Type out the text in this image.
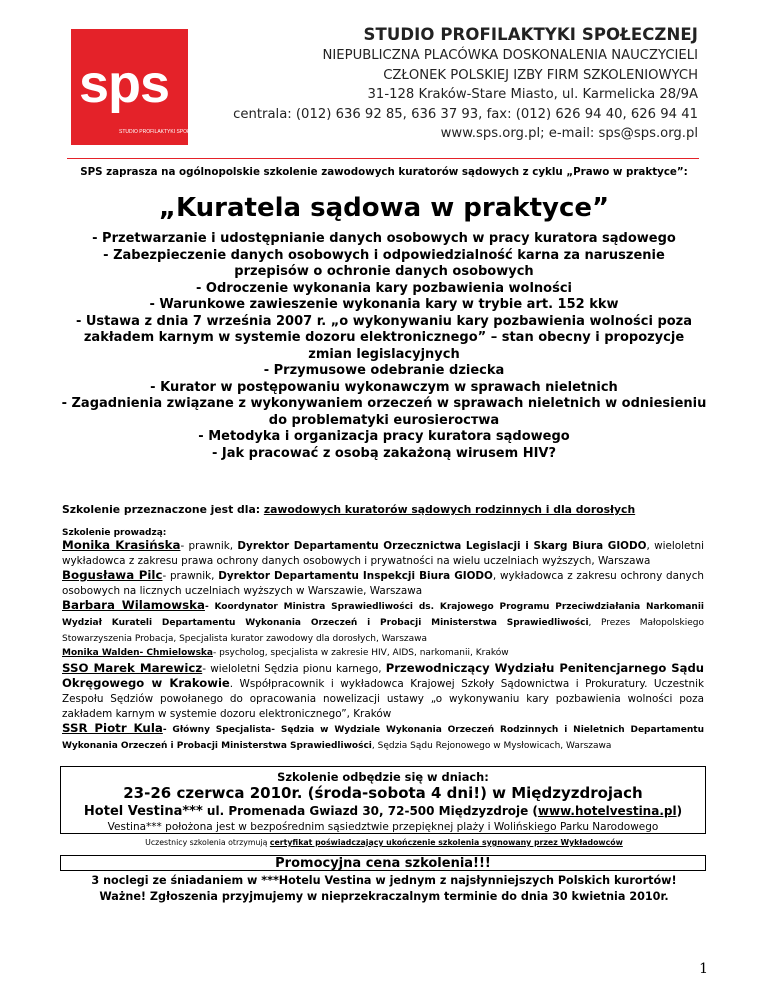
sps
STUDIO PROFILAKTYKI SPOŁECZNEJ
STUDIO PROFILAKTYKI SPOŁECZNEJ
NIEPUBLICZNA PLACÓWKA DOSKONALENIA NAUCZYCIELI
CZŁONEK POLSKIEJ IZBY FIRM SZKOLENIOWYCH
31-128 Kraków-Stare Miasto, ul. Karmelicka 28/9A
centrala: (012) 636 92 85, 636 37 93, fax: (012) 626 94 40, 626 94 41
www.sps.org.pl; e-mail: sps@sps.org.pl
SPS zaprasza na ogólnopolskie szkolenie zawodowych kuratorów sądowych z cyklu „Prawo w praktyce”:
„Kuratela sądowa w praktyce”
- Przetwarzanie i udostępnianie danych osobowych w pracy kuratora sądowego
- Zabezpieczenie danych osobowych i odpowiedzialność karna za naruszenie przepisów o ochronie danych osobowych
- Odroczenie wykonania kary pozbawienia wolności
- Warunkowe zawieszenie wykonania kary w trybie art. 152 kkw
- Ustawa z dnia 7 września 2007 r. „o wykonywaniu kary pozbawienia wolności poza zakładem karnym w systemie dozoru elektronicznego” – stan obecny i propozycje zmian legislacyjnych
- Przymusowe odebranie dziecka
- Kurator w postępowaniu wykonawczym w sprawach nieletnich
- Zagadnienia związane z wykonywaniem orzeczeń w sprawach nieletnich w odniesieniu do problematyki eurosierocтwa
- Metodyka i organizacja pracy kuratora sądowego
- Jak pracować z osobą zakażoną wirusem HIV?
Szkolenie przeznaczone jest dla: zawodowych kuratorów sądowych rodzinnych i dla dorosłych
Szkolenie prowadzą:

Monika Krasińska- prawnik, Dyrektor Departamentu Orzecznictwa Legislacji i Skarg Biura GIODO, wieloletni wykładowca z zakresu prawa ochrony danych osobowych i prywatności na wielu uczelniach wyższych, Warszawa

Bogusława Pilc- prawnik, Dyrektor Departamentu Inspekcji Biura GIODO, wykładowca z zakresu ochrony danych osobowych na licznych uczelniach wyższych w Warszawie, Warszawa

Barbara Wilamowska- Koordynator Ministra Sprawiedliwości ds. Krajowego Programu Przeciwdziałania Narkomanii Wydział Kurateli Departamentu Wykonania Orzeczeń i Probacji Ministerstwa Sprawiedliwości, Prezes Małopolskiego Stowarzyszenia Probacja, Specjalista kurator zawodowy dla dorosłych, Warszawa

Monika Walden- Chmielowska- psycholog, specjalista w zakresie HIV, AIDS, narkomanii, Kraków

SSO Marek Marewicz- wieloletni Sędzia pionu karnego, Przewodniczący Wydziału Penitencjarnego Sądu Okręgowego w Krakowie. Współpracownik i wykładowca Krajowej Szkoły Sądownictwa i Prokuratury. Uczestnik Zespołu Sędziów powołanego do opracowania nowelizacji ustawy „o wykonywaniu kary pozbawienia wolności poza zakładem karnym w systemie dozoru elektronicznego”, Kraków

SSR Piotr Kula- Główny Specjalista- Sędzia w Wydziale Wykonania Orzeczeń Rodzinnych i Nieletnich Departamentu Wykonania Orzeczeń i Probacji Ministerstwa Sprawiedliwości, Sędzia Sądu Rejonowego w Mysłowicach, Warszawa

Szkolenie odbędzie się w dniach:
23-26 czerwca 2010r. (środa-sobota 4 dni!) w Międzyzdrojach
Hotel Vestina*** ul. Promenada Gwiazd 30, 72-500 Międzyzdroje (www.hotelvestina.pl)
Vestina*** położona jest w bezpośrednim sąsiedztwie przepięknej plaży i Wolińskiego Parku Narodowego
Uczestnicy szkolenia otrzymują certyfikat poświadczający ukończenie szkolenia sygnowany przez Wykładowców
Promocyjna cena szkolenia!!!
3 noclegi ze śniadaniem w ***Hotelu Vestina w jednym z najsłynniejszych Polskich kurortów!
Ważne! Zgłoszenia przyjmujemy w nieprzekraczalnym terminie do dnia 30 kwietnia 2010r.
1
